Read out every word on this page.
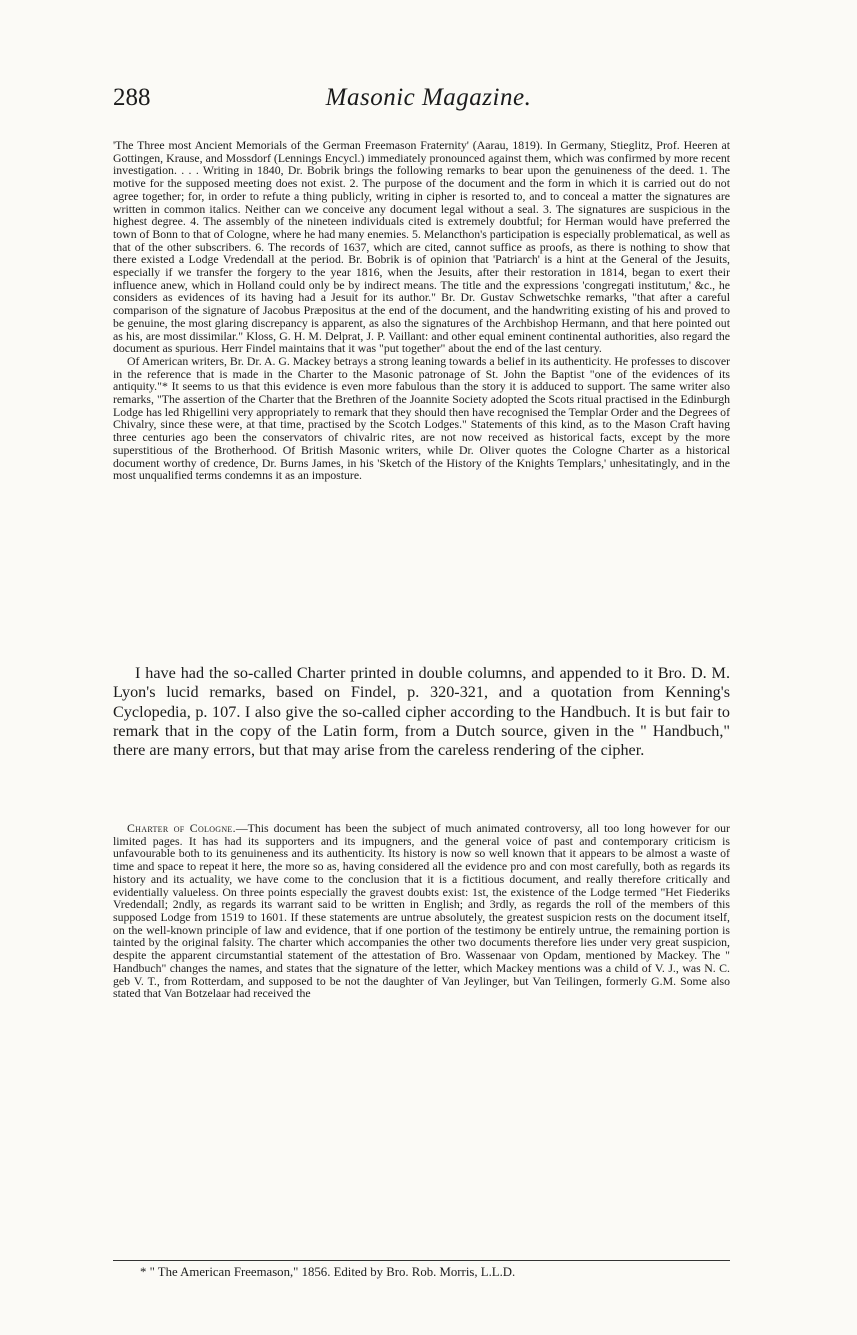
288	Masonic Magazine.

'The Three most Ancient Memorials of the German Freemason Fraternity' (Aarau, 1819). In Germany, Stieglitz, Prof. Heeren at Gottingen, Krause, and Mossdorf (Lennings Encycl.) immediately pronounced against them, which was confirmed by more recent investigation. . . . Writing in 1840, Dr. Bobrik brings the following remarks to bear upon the genuineness of the deed. 1. The motive for the supposed meeting does not exist. 2. The purpose of the document and the form in which it is carried out do not agree together; for, in order to refute a thing publicly, writing in cipher is resorted to, and to conceal a matter the signatures are written in common italics. Neither can we conceive any document legal without a seal. 3. The signatures are suspicious in the highest degree. 4. The assembly of the nineteen individuals cited is extremely doubtful; for Herman would have preferred the town of Bonn to that of Cologne, where he had many enemies. 5. Melancthon's participation is especially problematical, as well as that of the other subscribers. 6. The records of 1637, which are cited, cannot suffice as proofs, as there is nothing to show that there existed a Lodge Vredendall at the period. Br. Bobrik is of opinion that 'Patriarch' is a hint at the General of the Jesuits, especially if we transfer the forgery to the year 1816, when the Jesuits, after their restoration in 1814, began to exert their influence anew, which in Holland could only be by indirect means. The title and the expressions 'congregati institutum,' &c., he considers as evidences of its having had a Jesuit for its author." Br. Dr. Gustav Schwetschke remarks, "that after a careful comparison of the signature of Jacobus Præpositus at the end of the document, and the handwriting existing of his and proved to be genuine, the most glaring discrepancy is apparent, as also the signatures of the Archbishop Hermann, and that here pointed out as his, are most dissimilar." Kloss, G. H. M. Delprat, J. P. Vaillant: and other equal eminent continental authorities, also regard the document as spurious. Herr Findel maintains that it was "put together" about the end of the last century.

Of American writers, Br. Dr. A. G. Mackey betrays a strong leaning towards a belief in its authenticity. He professes to discover in the reference that is made in the Charter to the Masonic patronage of St. John the Baptist "one of the evidences of its antiquity."* It seems to us that this evidence is even more fabulous than the story it is adduced to support. The same writer also remarks, "The assertion of the Charter that the Brethren of the Joannite Society adopted the Scots ritual practised in the Edinburgh Lodge has led Rhigellini very appropriately to remark that they should then have recognised the Templar Order and the Degrees of Chivalry, since these were, at that time, practised by the Scotch Lodges." Statements of this kind, as to the Mason Craft having three centuries ago been the conservators of chivalric rites, are not now received as historical facts, except by the more superstitious of the Brotherhood. Of British Masonic writers, while Dr. Oliver quotes the Cologne Charter as a historical document worthy of credence, Dr. Burns James, in his 'Sketch of the History of the Knights Templars,' unhesitatingly, and in the most unqualified terms condemns it as an imposture.

I have had the so-called Charter printed in double columns, and appended to it Bro. D. M. Lyon's lucid remarks, based on Findel, p. 320-321, and a quotation from Kenning's Cyclopedia, p. 107. I also give the so-called cipher according to the Handbuch. It is but fair to remark that in the copy of the Latin form, from a Dutch source, given in the " Handbuch," there are many errors, but that may arise from the careless rendering of the cipher.

Charter of Cologne.—This document has been the subject of much animated controversy, all too long however for our limited pages. It has had its supporters and its impugners, and the general voice of past and contemporary criticism is unfavourable both to its genuineness and its authenticity. Its history is now so well known that it appears to be almost a waste of time and space to repeat it here, the more so as, having considered all the evidence pro and con most carefully, both as regards its history and its actuality, we have come to the conclusion that it is a fictitious document, and really therefore critically and evidentially valueless. On three points especially the gravest doubts exist: 1st, the existence of the Lodge termed "Het Fiederiks Vredendall; 2ndly, as regards its warrant said to be written in English; and 3rdly, as regards the roll of the members of this supposed Lodge from 1519 to 1601. If these statements are untrue absolutely, the greatest suspicion rests on the document itself, on the well-known principle of law and evidence, that if one portion of the testimony be entirely untrue, the remaining portion is tainted by the original falsity. The charter which accompanies the other two documents therefore lies under very great suspicion, despite the apparent circumstantial statement of the attestation of Bro. Wassenaar von Opdam, mentioned by Mackey. The " Handbuch" changes the names, and states that the signature of the letter, which Mackey mentions was a child of V. J., was N. C. geb V. T., from Rotterdam, and supposed to be not the daughter of Van Jeylinger, but Van Teilingen, formerly G.M. Some also stated that Van Botzelaar had received the

* " The American Freemason," 1856. Edited by Bro. Rob. Morris, L.L.D.
